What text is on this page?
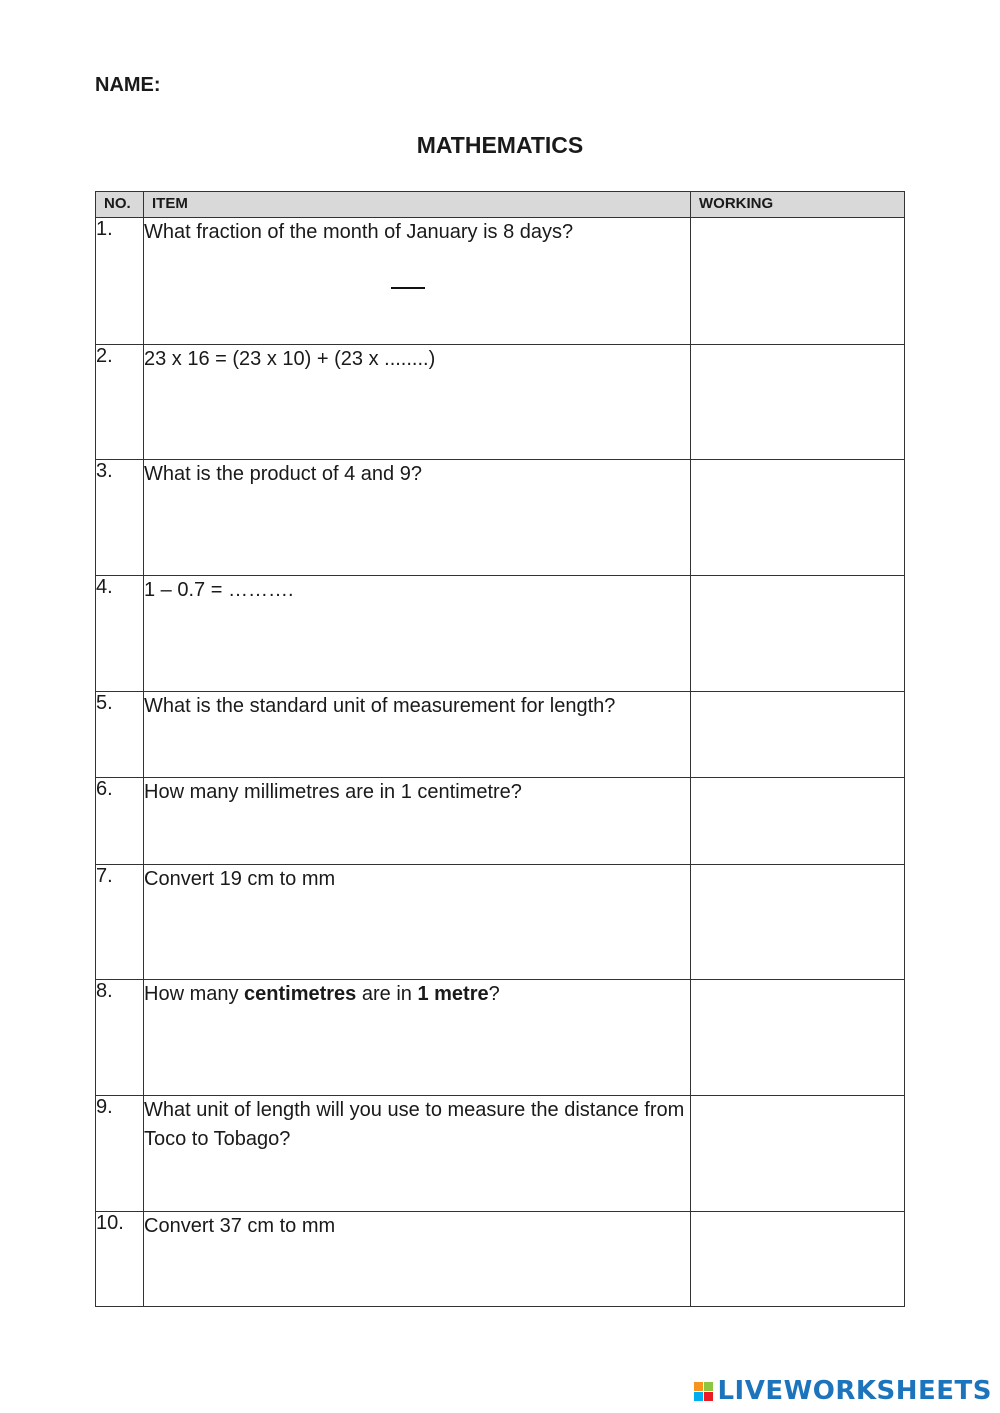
NAME:
MATHEMATICS
NO.	ITEM	WORKING
1.	What fraction of the month of January is 8 days?

2.	23 x 16 = (23 x 10) + (23 x ........)	
3.	What is the product of 4 and 9?	
4.	1 – 0.7 = ……….	
5.	What is the standard unit of measurement for length?	
6.	How many millimetres are in 1 centimetre?	
7.	Convert 19 cm to mm	
8.	How many centimetres are in 1 metre?	
9.	What unit of length will you use to measure the distance from Toco to Tobago?	
10.	Convert 37 cm to mm	
LIVEWORKSHEETS
